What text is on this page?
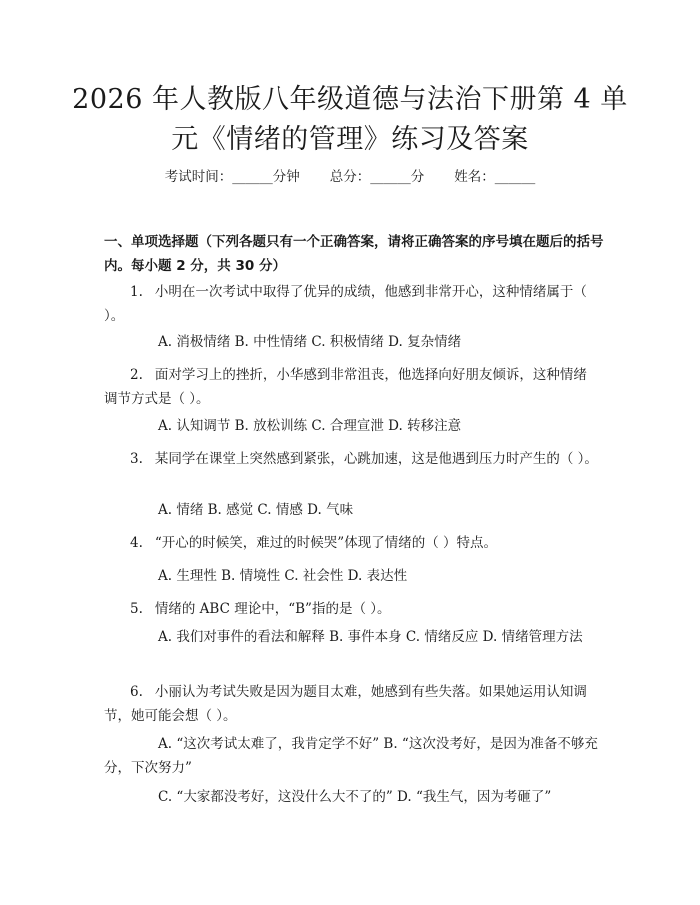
2026 年人教版八年级道德与法治下册第 4 单
元《情绪的管理》练习及答案
考试时间：______分钟 总分：______分 姓名：______
一、单项选择题（下列各题只有一个正确答案，请将正确答案的序号填在题后的括号内。每小题 2 分，共 30 分）
1. 小明在一次考试中取得了优异的成绩，他感到非常开心，这种情绪属于（ ）。
A. 消极情绪 B. 中性情绪 C. 积极情绪 D. 复杂情绪
2. 面对学习上的挫折，小华感到非常沮丧，他选择向好朋友倾诉，这种情绪调节方式是（ ）。
A. 认知调节 B. 放松训练 C. 合理宣泄 D. 转移注意
3. 某同学在课堂上突然感到紧张，心跳加速，这是他遇到压力时产生的（ ）。
A. 情绪 B. 感觉 C. 情感 D. 气味
4. “开心的时候笑，难过的时候哭”体现了情绪的（ ）特点。
A. 生理性 B. 情境性 C. 社会性 D. 表达性
5. 情绪的 ABC 理论中，“B”指的是（ ）。
A. 我们对事件的看法和解释 B. 事件本身 C. 情绪反应 D. 情绪管理方法
6. 小丽认为考试失败是因为题目太难，她感到有些失落。如果她运用认知调节，她可能会想（ ）。
A. “这次考试太难了，我肯定学不好” B. “这次没考好，是因为准备不够充分，下次努力”
C. “大家都没考好，这没什么大不了的” D. “我生气，因为考砸了”
